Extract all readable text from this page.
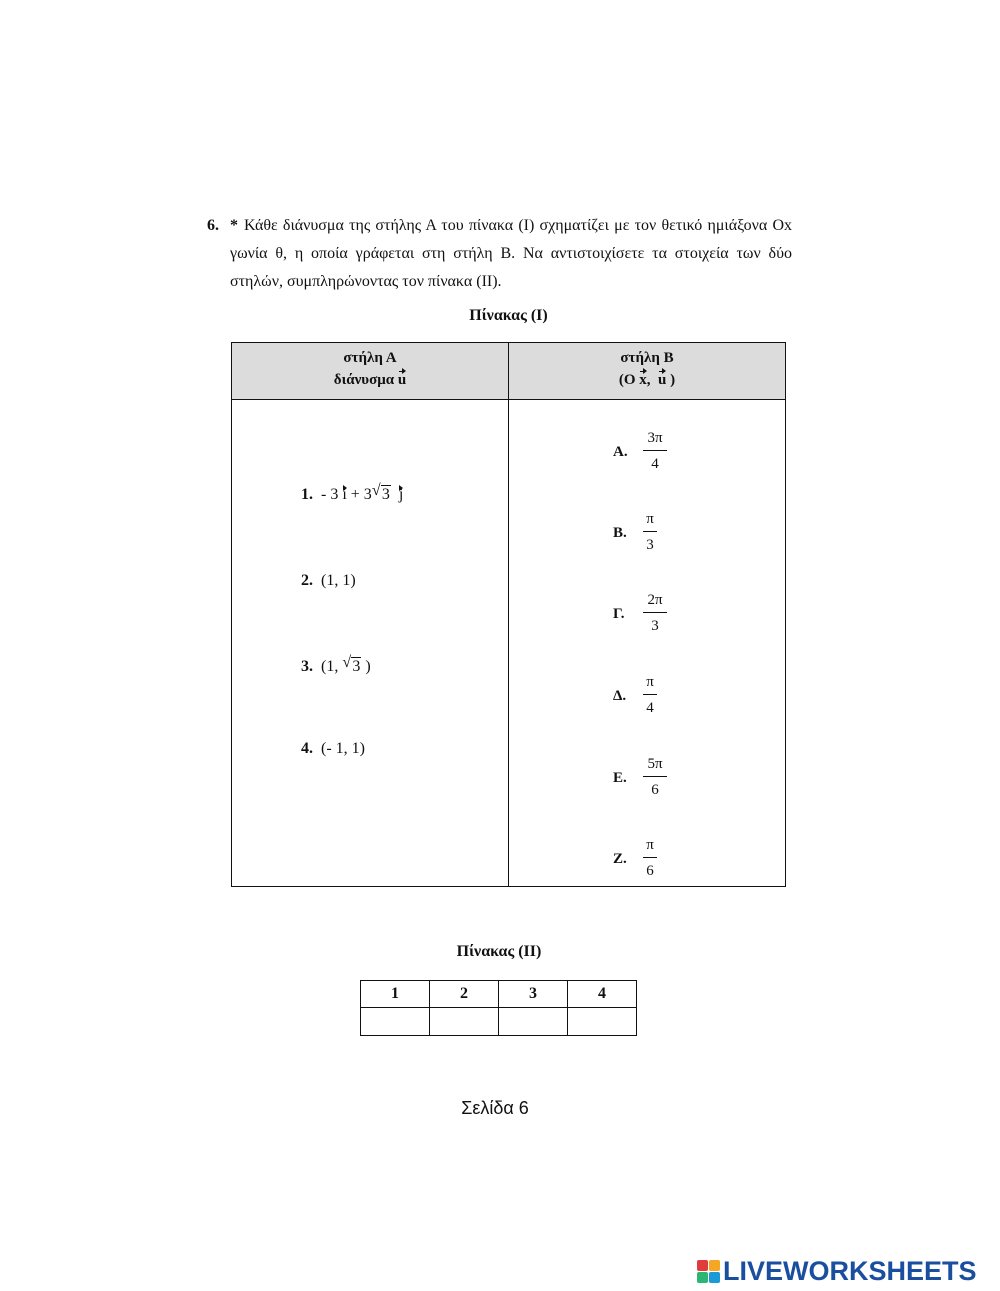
6. * Κάθε διάνυσμα της στήλης Α του πίνακα (Ι) σχηματίζει με τον θετικό ημιάξονα Οx γωνία θ, η οποία γράφεται στη στήλη Β. Να αντιστοιχίσετε τα στοιχεία των δύο στηλών, συμπληρώνοντας τον πίνακα (ΙΙ).
Πίνακας (Ι)
στήλη Α
διάνυσμα u
στήλη Β
(Ο x, u )
1. - 3 i + 3 √ 3 j
2. (1, 1)
3. (1, √ 3 )
4. (- 1, 1)
Α. $\frac{3\pi}{4}$
Β. $\frac{\pi}{3}$
Γ. $\frac{2\pi}{3}$
Δ. $\frac{\pi}{4}$
Ε. $\frac{5\pi}{6}$
Ζ. $\frac{\pi}{6}$
Πίνακας (ΙΙ)
1	2	3	4

Σελίδα 6
LIVEWORKSHEETS
